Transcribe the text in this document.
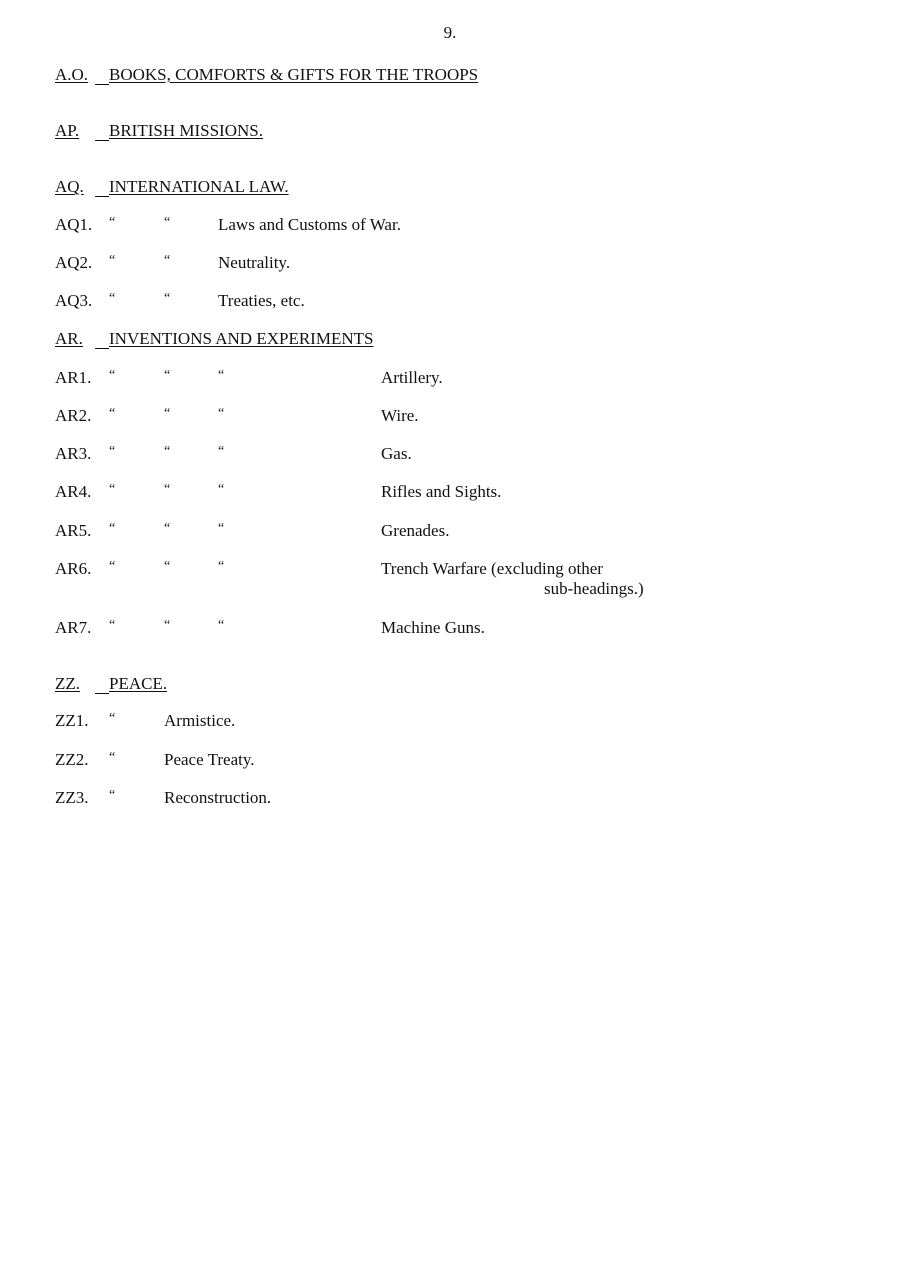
9.
A.O. BOOKS, COMFORTS & GIFTS FOR THE TROOPS
AP. BRITISH MISSIONS.
AQ. INTERNATIONAL LAW.
AQ1. “	“	Laws and Customs of War.
AQ2. “	“	Neutrality.
AQ3. “	“	Treaties, etc.
AR. INVENTIONS AND EXPERIMENTS
AR1. “	“	“	Artillery.
AR2. “	“	“	Wire.
AR3. “	“	“	Gas.
AR4. “	“	“	Rifles and Sights.
AR5. “	“	“	Grenades.
AR6. “	“	“	Trench Warfare (excluding other
sub-headings.)
AR7. “	“	“	Machine Guns.
ZZ. PEACE.
ZZ1. “	Armistice.
ZZ2. “	Peace Treaty.
ZZ3. “	Reconstruction.
